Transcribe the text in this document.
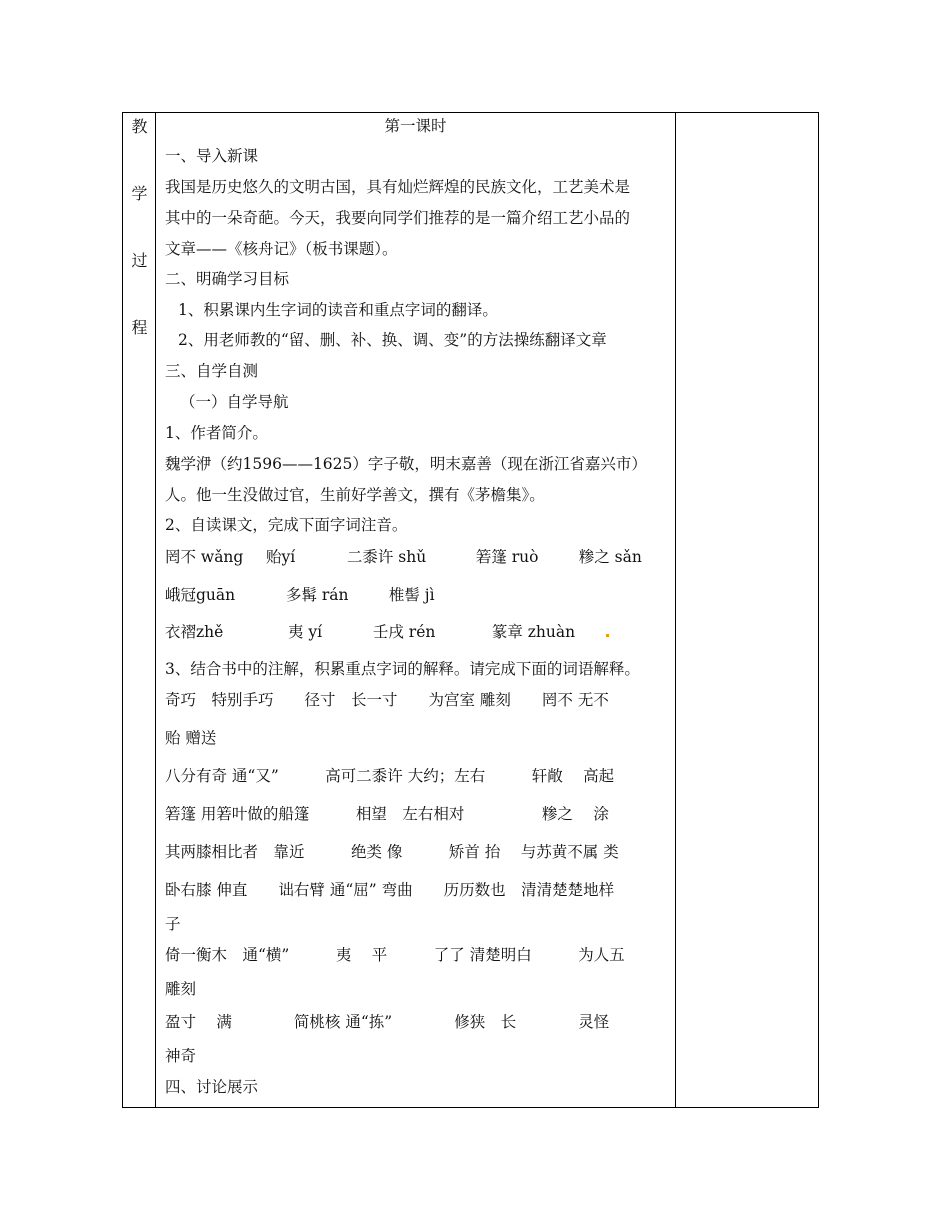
教
学
过
程
第一课时
一、导入新课
我国是历史悠久的文明古国，具有灿烂辉煌的民族文化，工艺美术是
其中的一朵奇葩。今天，我要向同学们推荐的是一篇介绍工艺小品的
文章——《核舟记》（板书课题）。
二、明确学习目标
1、积累课内生字词的读音和重点字词的翻译。
2、用老师教的“留、删、补、换、调、变”的方法操练翻译文章
三、自学自测
（一）自学导航
1、作者简介。
魏学洢（约1596——1625）字子敬，明末嘉善（现在浙江省嘉兴市）
人。他一生没做过官，生前好学善文，撰有《茅檐集》。
2、自读课文，完成下面字词注音。
罔不 wǎng 贻yí	二黍许 shǔ	箬篷 ruò	糁之 sǎn
峨冠guān	多髯 rán	椎髻 jì
衣褶zhě	夷 yí	壬戌 rén	篆章 zhuàn
3、结合书中的注解，积累重点字词的解释。请完成下面的词语解释。
奇巧　特别手巧　　径寸　长一寸　　为宫室 雕刻　　罔不 无不
贻 赠送
八分有奇 通“又”　　　高可二黍许 大约；左右　　　轩敞　 高起
箬篷 用箬叶做的船篷　　　相望　左右相对　　　　　糁之　 涂
其两膝相比者　靠近　　　绝类 像　　　矫首 抬　 与苏黄不属 类
卧右膝 伸直　　诎右臂 通“屈” 弯曲　　历历数也　清清楚楚地样
子
倚一衡木　通“横”　　　夷　 平　　　了了 清楚明白　　　为人五
雕刻
盈寸　 满　　　　简桃核 通“拣”　　　　修狭　长　　　　灵怪
神奇
四、讨论展示
